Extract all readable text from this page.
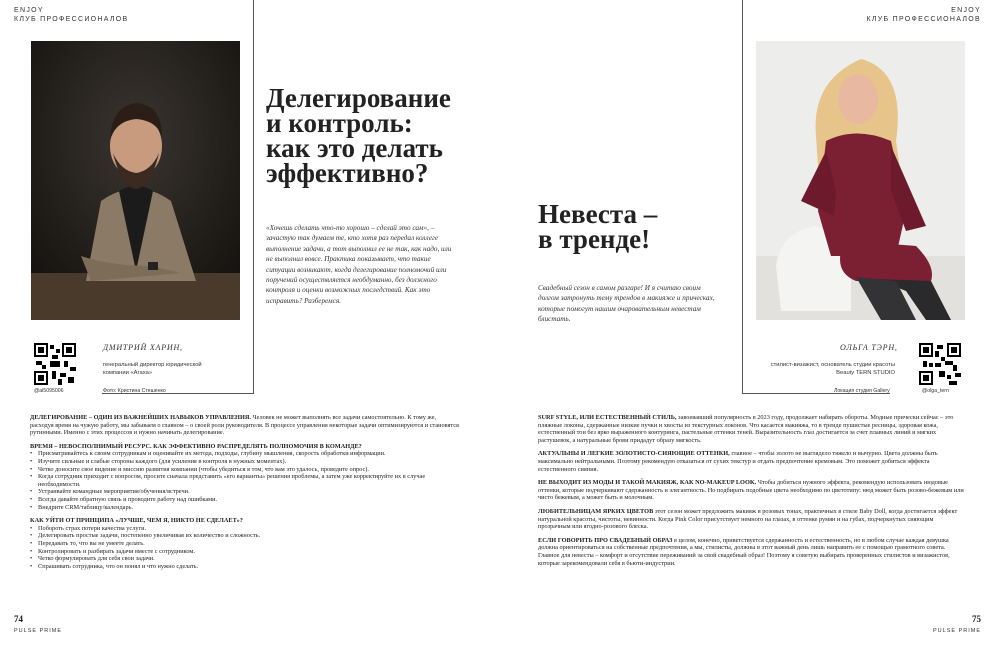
ENJOY
КЛУБ ПРОФЕССИОНАЛОВ
Делегирование
и контроль:
как это делать
эффективно?

«Хочешь сделать что-то хорошо – сделай это сам», – зачастую так думаем те, кто хотя раз передал коллеге выполнение задачи, а тот выполнил ее не так, как надо, или не выполнил вовсе. Практика показывает, что такие ситуации возникают, когда делегирование полномочий или поручений осуществляется необдуманно, без должного контроля и оценки возможных последствий. Как это исправить? Разберемся.

@al5095006
ДМИТРИЙ ХАРИН,
генеральный директор юридической компании «Агаха»
Фото: Кристина Стешенко

ДЕЛЕГИРОВАНИЕ – ОДИН ИЗ ВАЖНЕЙШИХ НАВЫКОВ УПРАВЛЕНИЯ. Человек не может выполнять все задачи самостоятельно. К тому же, расходуя время на чужую работу, мы забываем о главном – о своей роли руководителя. В процессе управления некоторые задачи оптимизируются и становятся рутинными. Именно с этих процессов и нужно начинать делегирование.

ВРЕМЯ – НЕВОСПОЛНИМЫЙ РЕСУРС. КАК ЭФФЕКТИВНО РАСПРЕДЕЛЯТЬ ПОЛНОМОЧИЯ В КОМАНДЕ?

• Присматривайтесь к своим сотрудникам и оценивайте их метода, подходы, глубину мышления, скорость обработки информации.
• Изучите сильные и слабые стороны каждого (для усиления в контроля в нужных моментах).
• Четко доносите свое видение и миссию развития компании (чтобы убедиться в том, что вам это удалось, проведите опрос).
• Когда сотрудник приходит с вопросом, просите сначала представить «его варианты» решения проблемы, а затем уже корректируйте их в случае необходимости.
• Устраивайте командные мероприятия/обучения/встречи.
• Всегда давайте обратную связь и проводите работу над ошибками.
• Внедрите CRM/таблицу/календарь.

КАК УЙТИ ОТ ПРИНЦИПА «ЛУЧШЕ, ЧЕМ Я, НИКТО НЕ СДЕЛАЕТ»?

• Побороть страх потери качества услуги.
• Делегировать простые задачи, постепенно увеличивая их количество и сложность.
• Передавать то, что вы не умеете делать.
• Контролировать и разбирать задачи вместе с сотрудником.
• Четко формулировать для себя свои задачи.
• Спрашивать сотрудника, что он понял и что нужно сделать.
74
PULSE PRIME
ENJOY
КЛУБ ПРОФЕССИОНАЛОВ
Невеста –
в тренде!

Свадебный сезон в самом разгаре! И я считаю своим долгом затронуть тему трендов в макияже и прическах, которые помогут нашим очаровательным невестам блистать.

ОЛЬГА ТЭРН,
стилист-визажист, основатель студии красоты Beauty TERN STUDIO
Локация студия Gallery	@olga_tern

SURF STYLE, ИЛИ ЕСТЕСТВЕННЫЙ СТИЛЬ, завоевавший популярность в 2023 году, продолжает набирать обороты. Модные прически сейчас – это пляжные локоны, сдержанные низкие пучки и хвосты из текстурных локонов. Что касается макияжа, то в тренде пушистые ресницы, здоровая кожа, естественный тон без ярко выраженного контуринга, пастельные оттенки теней. Выразительность глаз достигается за счет плавных линий и мягких растушевок, а натуральные брови придадут образу мягкость.

АКТУАЛЬНЫ И ЛЕГКИЕ ЗОЛОТИСТО-СИЯЮЩИЕ ОТТЕНКИ, главное – чтобы золото не выглядело тяжело и вычурно. Цвета должны быть максимально нейтральными. Поэтому рекомендую отказаться от сухих текстур и отдать предпочтение кремовым. Это поможет добиться эффекта естественного сияния.

НЕ ВЫХОДИТ ИЗ МОДЫ И ТАКОЙ МАКИЯЖ, КАК NO-MAKEUP LOOK. Чтобы добиться нужного эффекта, рекомендую использовать нюдовые оттенки, которые подчеркивают сдержанность и элегантность. Но подбирать подобные цвета необходимо по цветотипу: нюд может быть розово-бежевым или чисто бежевым, а может быть и молочным.

ЛЮБИТЕЛЬНИЦАМ ЯРКИХ ЦВЕТОВ этот сезон может предложить макияж в розовых тонах, практичных в стиле Baby Doll, когда достигается эффект натуральной красоты, чистоты, невинности. Когда Pink Color присутствует немного на глазах, в оттенке румян и на губах, подчеркнутых сияющим прозрачным или ягодно-розового блеска.

ЕСЛИ ГОВОРИТЬ ПРО СВАДЕБНЫЙ ОБРАЗ в целом, конечно, приветствуется сдержанность и естественность, но в любом случае каждая девушка должна ориентироваться на собственные предпочтения, а мы, стилисты, должны в этот важный день лишь направить ее с помощью грамотного совета. Главное для невесты – комфорт и отсутствие переживаний за свой свадебный образ! Поэтому я советую выбирать проверенных стилистов и визажистов, которые зарекомендовали себя в бьюти-индустрии.

75
PULSE PRIME
